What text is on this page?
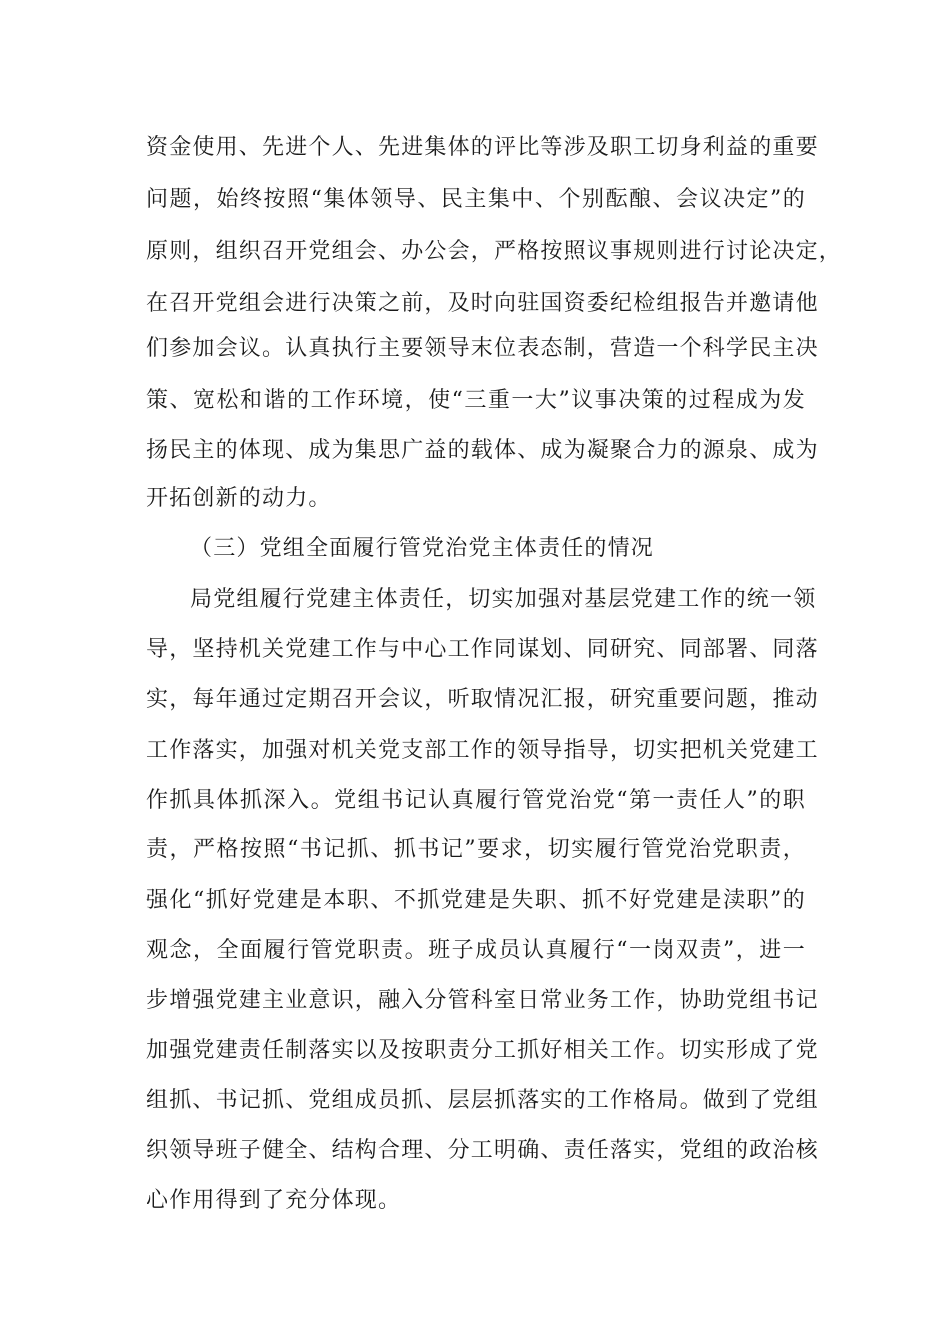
资金使用、先进个人、先进集体的评比等涉及职工切身利益的重要
问题，始终按照“集体领导、民主集中、个别酝酿、会议决定”的
原则，组织召开党组会、办公会，严格按照议事规则进行讨论决定，
在召开党组会进行决策之前，及时向驻国资委纪检组报告并邀请他
们参加会议。认真执行主要领导末位表态制，营造一个科学民主决
策、宽松和谐的工作环境，使“三重一大”议事决策的过程成为发
扬民主的体现、成为集思广益的载体、成为凝聚合力的源泉、成为
开拓创新的动力。
（三）党组全面履行管党治党主体责任的情况
局党组履行党建主体责任，切实加强对基层党建工作的统一领
导，坚持机关党建工作与中心工作同谋划、同研究、同部署、同落
实，每年通过定期召开会议，听取情况汇报，研究重要问题，推动
工作落实，加强对机关党支部工作的领导指导，切实把机关党建工
作抓具体抓深入。党组书记认真履行管党治党“第一责任人”的职
责，严格按照“书记抓、抓书记”要求，切实履行管党治党职责，
强化“抓好党建是本职、不抓党建是失职、抓不好党建是渎职”的
观念，全面履行管党职责。班子成员认真履行“一岗双责”，进一
步增强党建主业意识，融入分管科室日常业务工作，协助党组书记
加强党建责任制落实以及按职责分工抓好相关工作。切实形成了党
组抓、书记抓、党组成员抓、层层抓落实的工作格局。做到了党组
织领导班子健全、结构合理、分工明确、责任落实，党组的政治核
心作用得到了充分体现。
